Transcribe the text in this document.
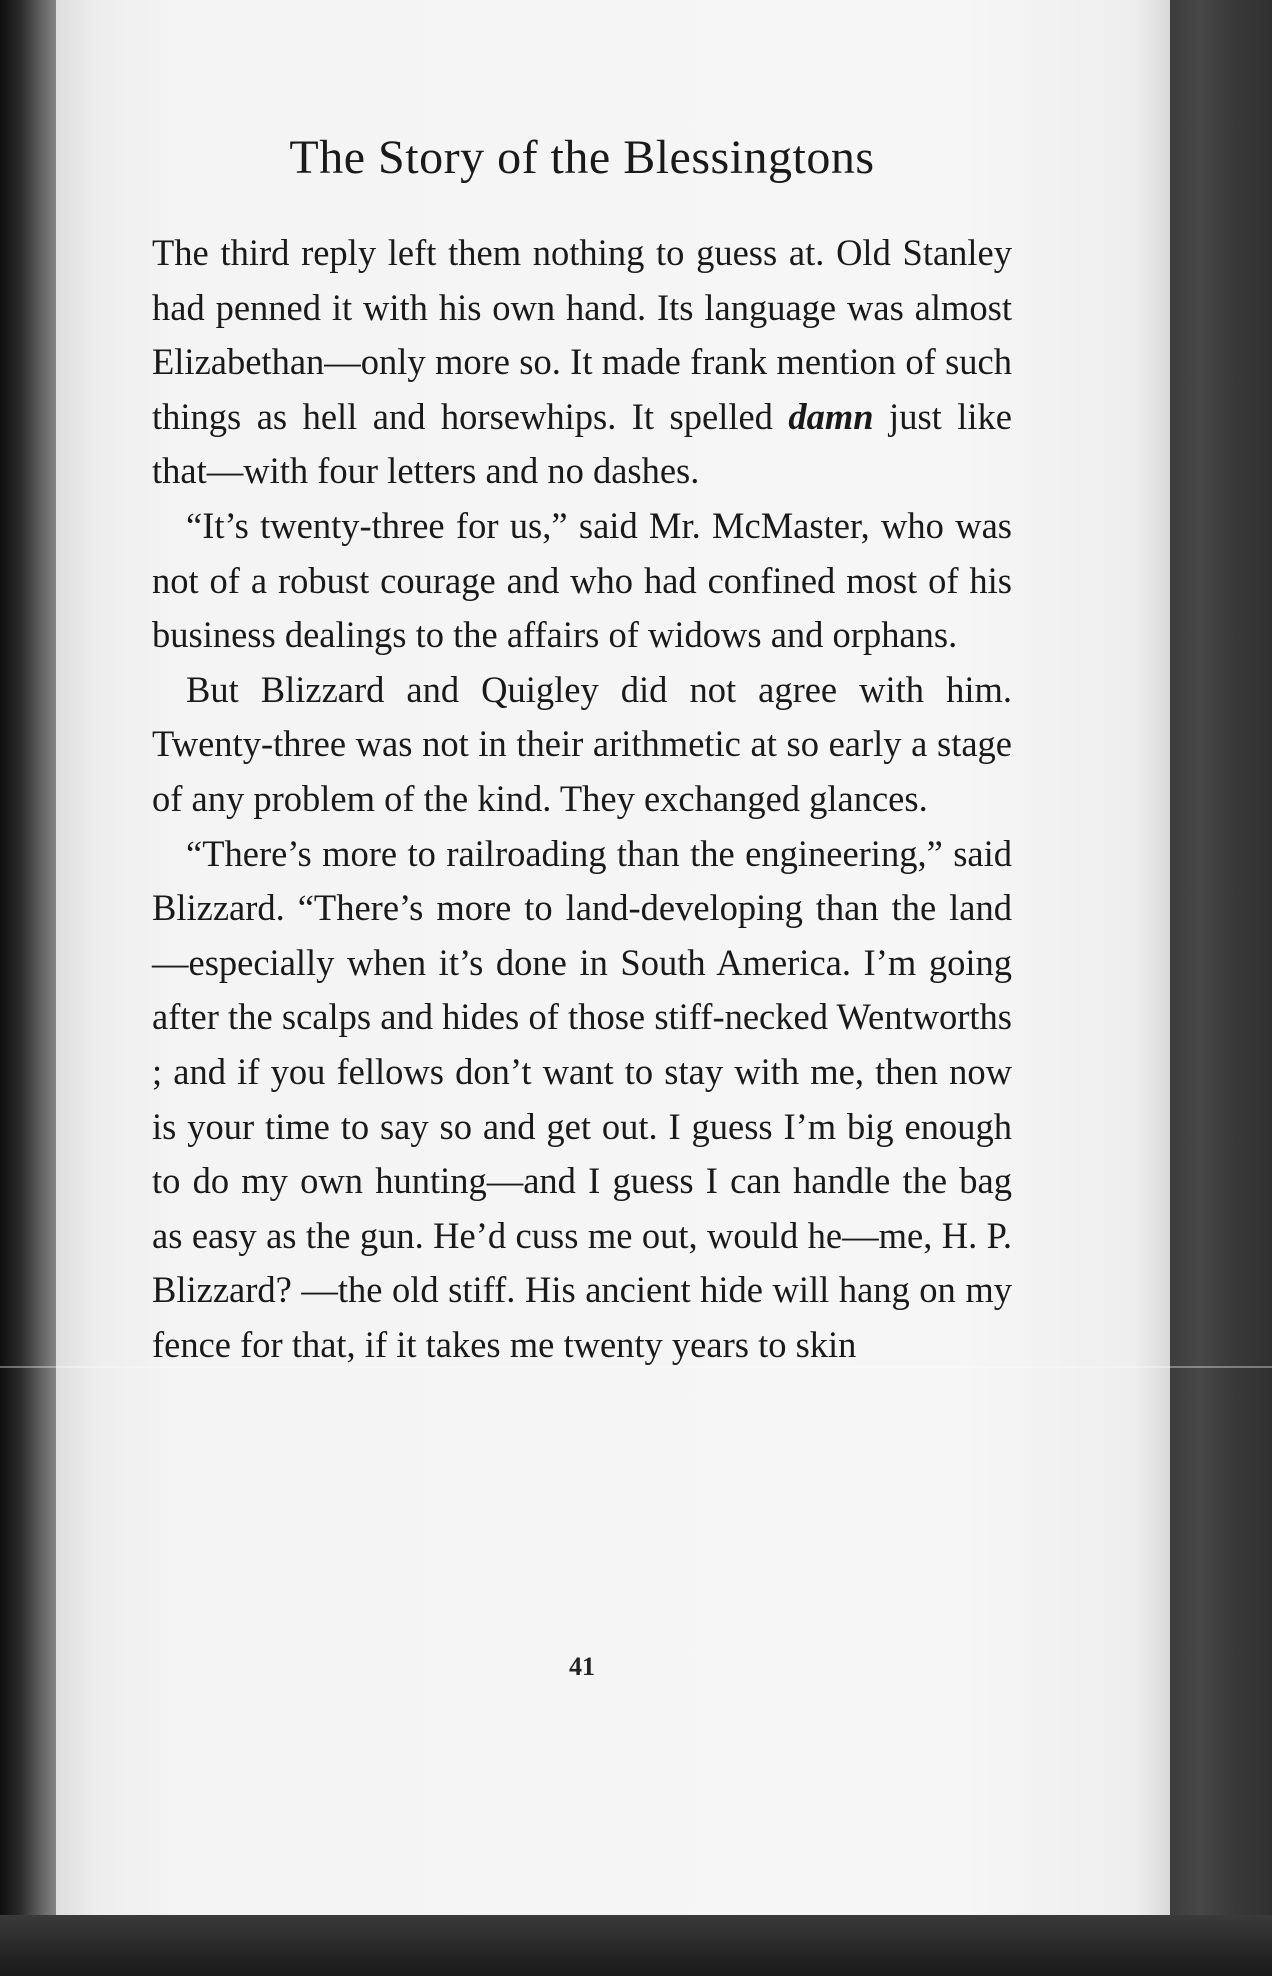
The Story of the Blessingtons

The third reply left them nothing to guess at. Old Stanley had penned it with his own hand. Its language was almost Elizabethan—only more so. It made frank mention of such things as hell and horsewhips. It spelled damn just like that—with four letters and no dashes.

“It’s twenty-three for us,” said Mr. McMaster, who was not of a robust courage and who had confined most of his business dealings to the affairs of widows and orphans.

But Blizzard and Quigley did not agree with him. Twenty-three was not in their arithmetic at so early a stage of any problem of the kind. They exchanged glances.

“There’s more to railroading than the engineering,” said Blizzard. “There’s more to land-developing than the land—especially when it’s done in South America. I’m going after the scalps and hides of those stiff-necked Wentworths ; and if you fellows don’t want to stay with me, then now is your time to say so and get out. I guess I’m big enough to do my own hunting—and I guess I can handle the bag as easy as the gun. He’d cuss me out, would he—me, H. P. Blizzard? —the old stiff. His ancient hide will hang on my fence for that, if it takes me twenty years to skin

41
